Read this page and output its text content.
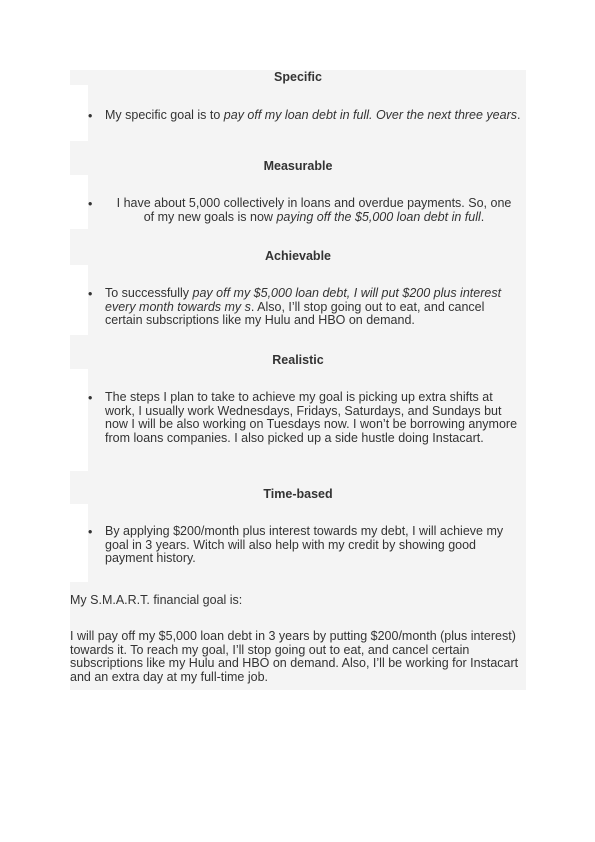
Specific
• My specific goal is to pay off my loan debt in full. Over the next three years.
Measurable
•	I have about 5,000 collectively in loans and overdue payments. So, one
of my new goals is now paying off the $5,000 loan debt in full.
Achievable
• To successfully pay off my $5,000 loan debt, I will put $200 plus interest every month towards my s. Also, I’ll stop going out to eat, and cancel certain subscriptions like my Hulu and HBO on demand.
Realistic
• The steps I plan to take to achieve my goal is picking up extra shifts at work, I usually work Wednesdays, Fridays, Saturdays, and Sundays but now I will be also working on Tuesdays now. I won’t be borrowing anymore from loans companies. I also picked up a side hustle doing Instacart.
Time-based
• By applying $200/month plus interest towards my debt, I will achieve my goal in 3 years. Witch will also help with my credit by showing good payment history.
My S.M.A.R.T. financial goal is:
I will pay off my $5,000 loan debt in 3 years by putting $200/month (plus interest) towards it. To reach my goal, I’ll stop going out to eat, and cancel certain subscriptions like my Hulu and HBO on demand. Also, I’ll be working for Instacart and an extra day at my full-time job.
